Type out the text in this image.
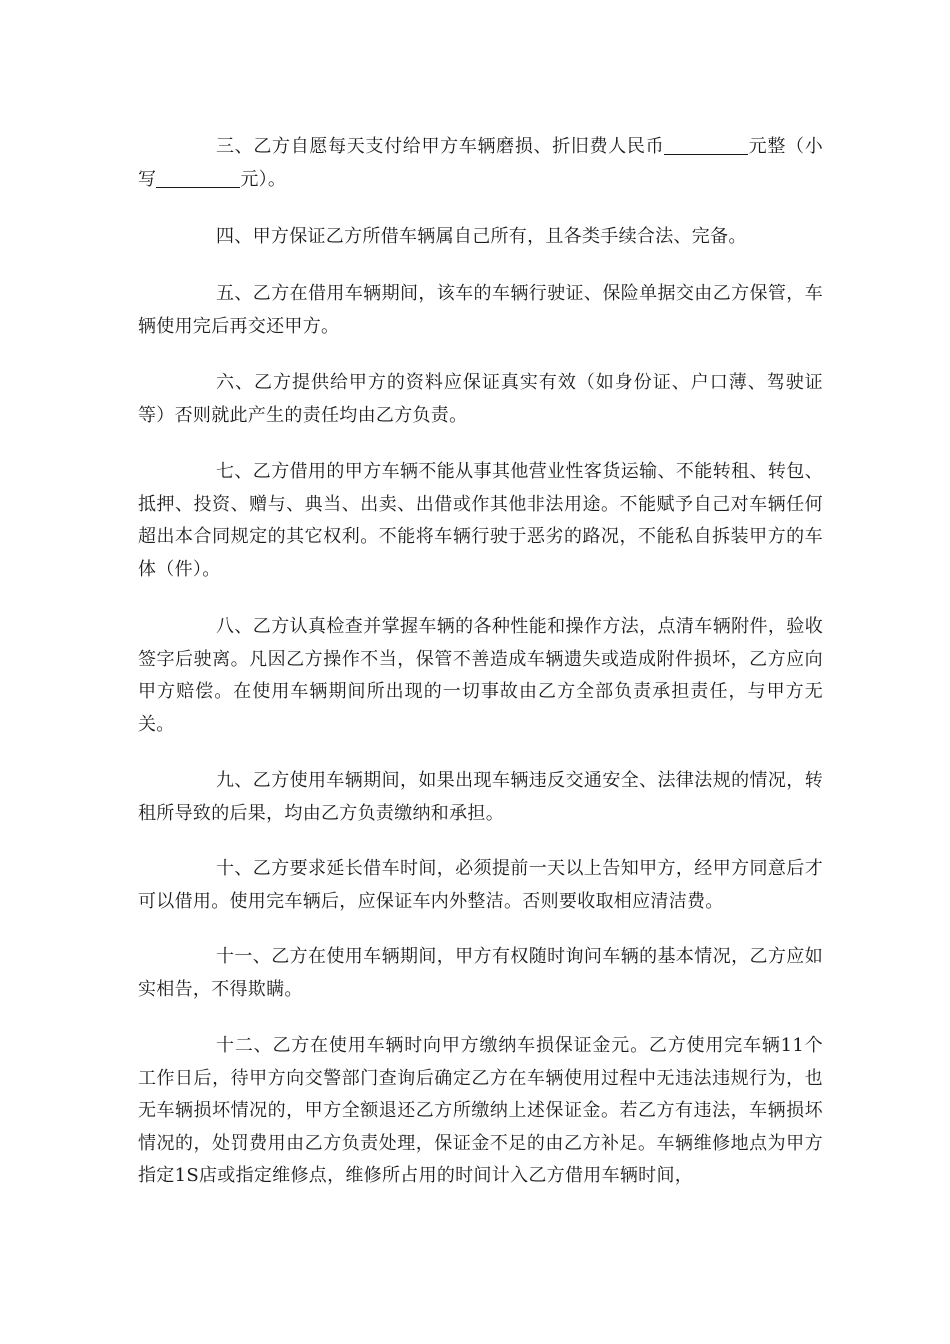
三、乙方自愿每天支付给甲方车辆磨损、折旧费人民币	元整（小写	元）。

四、甲方保证乙方所借车辆属自己所有，且各类手续合法、完备。

五、乙方在借用车辆期间，该车的车辆行驶证、保险单据交由乙方保管，车辆使用完后再交还甲方。

六、乙方提供给甲方的资料应保证真实有效（如身份证、户口薄、驾驶证等）否则就此产生的责任均由乙方负责。

七、乙方借用的甲方车辆不能从事其他营业性客货运输、不能转租、转包、抵押、投资、赠与、典当、出卖、出借或作其他非法用途。不能赋予自己对车辆任何超出本合同规定的其它权利。不能将车辆行驶于恶劣的路况，不能私自拆装甲方的车体（件）。

八、乙方认真检查并掌握车辆的各种性能和操作方法，点清车辆附件，验收签字后驶离。凡因乙方操作不当，保管不善造成车辆遗失或造成附件损坏，乙方应向甲方赔偿。在使用车辆期间所出现的一切事故由乙方全部负责承担责任，与甲方无关。

九、乙方使用车辆期间，如果出现车辆违反交通安全、法律法规的情况，转租所导致的后果，均由乙方负责缴纳和承担。

十、乙方要求延长借车时间，必须提前一天以上告知甲方，经甲方同意后才可以借用。使用完车辆后，应保证车内外整洁。否则要收取相应清洁费。

十一、乙方在使用车辆期间，甲方有权随时询问车辆的基本情况，乙方应如实相告，不得欺瞒。

十二、乙方在使用车辆时向甲方缴纳车损保证金元。乙方使用完车辆11个工作日后，待甲方向交警部门查询后确定乙方在车辆使用过程中无违法违规行为，也无车辆损坏情况的，甲方全额退还乙方所缴纳上述保证金。若乙方有违法，车辆损坏情况的，处罚费用由乙方负责处理，保证金不足的由乙方补足。车辆维修地点为甲方指定1S店或指定维修点，维修所占用的时间计入乙方借用车辆时间，
